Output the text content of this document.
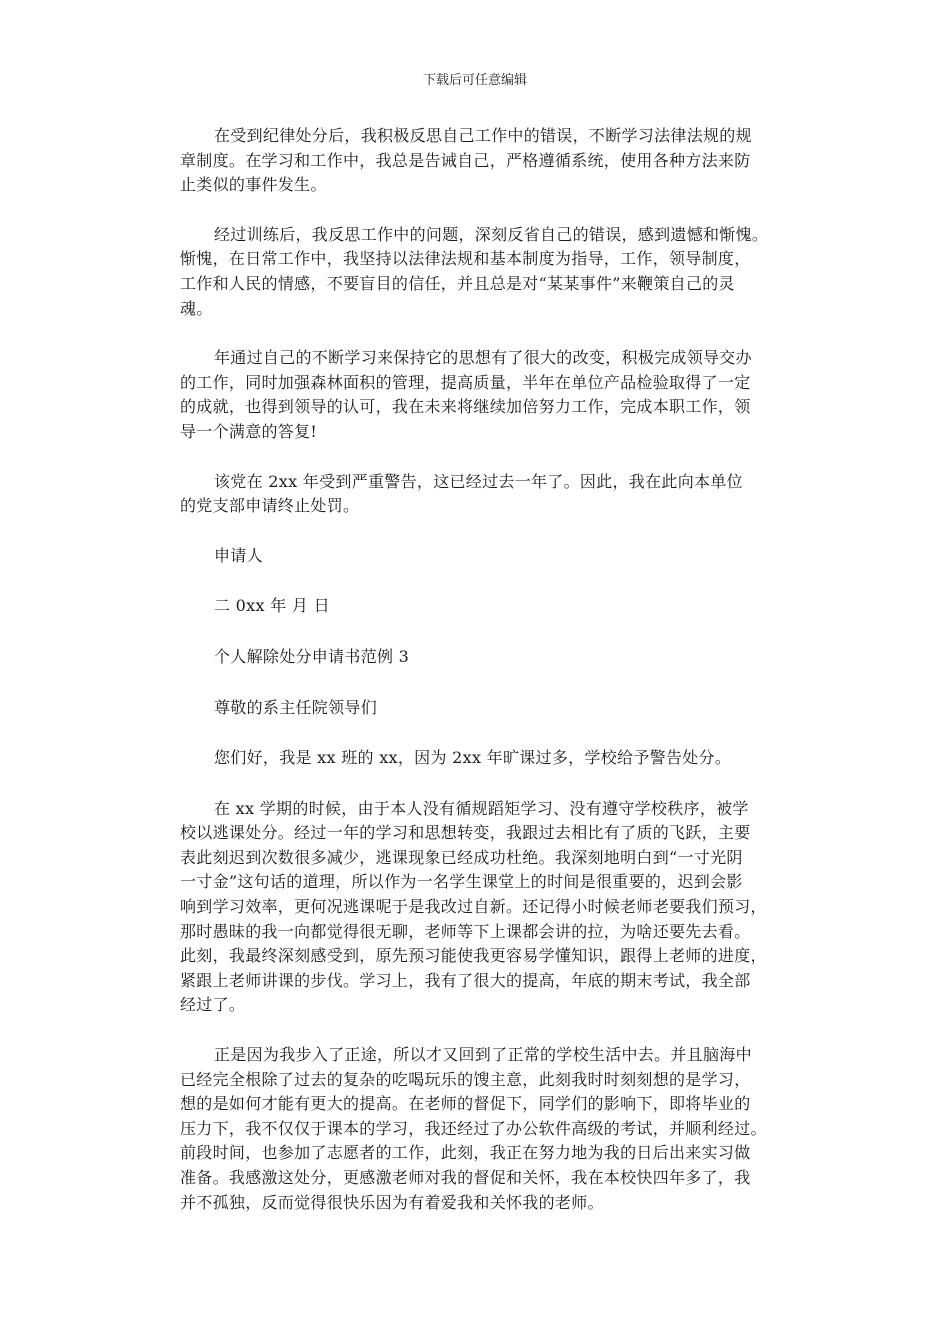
下载后可任意编辑
在受到纪律处分后，我积极反思自己工作中的错误，不断学习法律法规的规
章制度。在学习和工作中，我总是告诫自己，严格遵循系统，使用各种方法来防
止类似的事件发生。
经过训练后，我反思工作中的问题，深刻反省自己的错误，感到遗憾和惭愧。
惭愧，在日常工作中，我坚持以法律法规和基本制度为指导，工作，领导制度，
工作和人民的情感，不要盲目的信任，并且总是对“某某事件”来鞭策自己的灵
魂。
年通过自己的不断学习来保持它的思想有了很大的改变，积极完成领导交办
的工作，同时加强森林面积的管理，提高质量，半年在单位产品检验取得了一定
的成就，也得到领导的认可，我在未来将继续加倍努力工作，完成本职工作，领
导一个满意的答复!
该党在 2xx 年受到严重警告，这已经过去一年了。因此，我在此向本单位
的党支部申请终止处罚。
申请人
二 0xx 年 月 日
个人解除处分申请书范例 3
尊敬的系主任院领导们
您们好，我是 xx 班的 xx，因为 2xx 年旷课过多，学校给予警告处分。
在 xx 学期的时候，由于本人没有循规蹈矩学习、没有遵守学校秩序，被学
校以逃课处分。经过一年的学习和思想转变，我跟过去相比有了质的飞跃，主要
表此刻迟到次数很多减少，逃课现象已经成功杜绝。我深刻地明白到“一寸光阴
一寸金”这句话的道理，所以作为一名学生课堂上的时间是很重要的，迟到会影
响到学习效率，更何况逃课呢于是我改过自新。还记得小时候老师老要我们预习，
那时愚昧的我一向都觉得很无聊，老师等下上课都会讲的拉，为啥还要先去看。
此刻，我最终深刻感受到，原先预习能使我更容易学懂知识，跟得上老师的进度，
紧跟上老师讲课的步伐。学习上，我有了很大的提高，年底的期末考试，我全部
经过了。
正是因为我步入了正途，所以才又回到了正常的学校生活中去。并且脑海中
已经完全根除了过去的复杂的吃喝玩乐的馊主意，此刻我时时刻刻想的是学习，
想的是如何才能有更大的提高。在老师的督促下，同学们的影响下，即将毕业的
压力下，我不仅仅于课本的学习，我还经过了办公软件高级的考试，并顺利经过。
前段时间，也参加了志愿者的工作，此刻，我正在努力地为我的日后出来实习做
准备。我感激这处分，更感激老师对我的督促和关怀，我在本校快四年多了，我
并不孤独，反而觉得很快乐因为有着爱我和关怀我的老师。
